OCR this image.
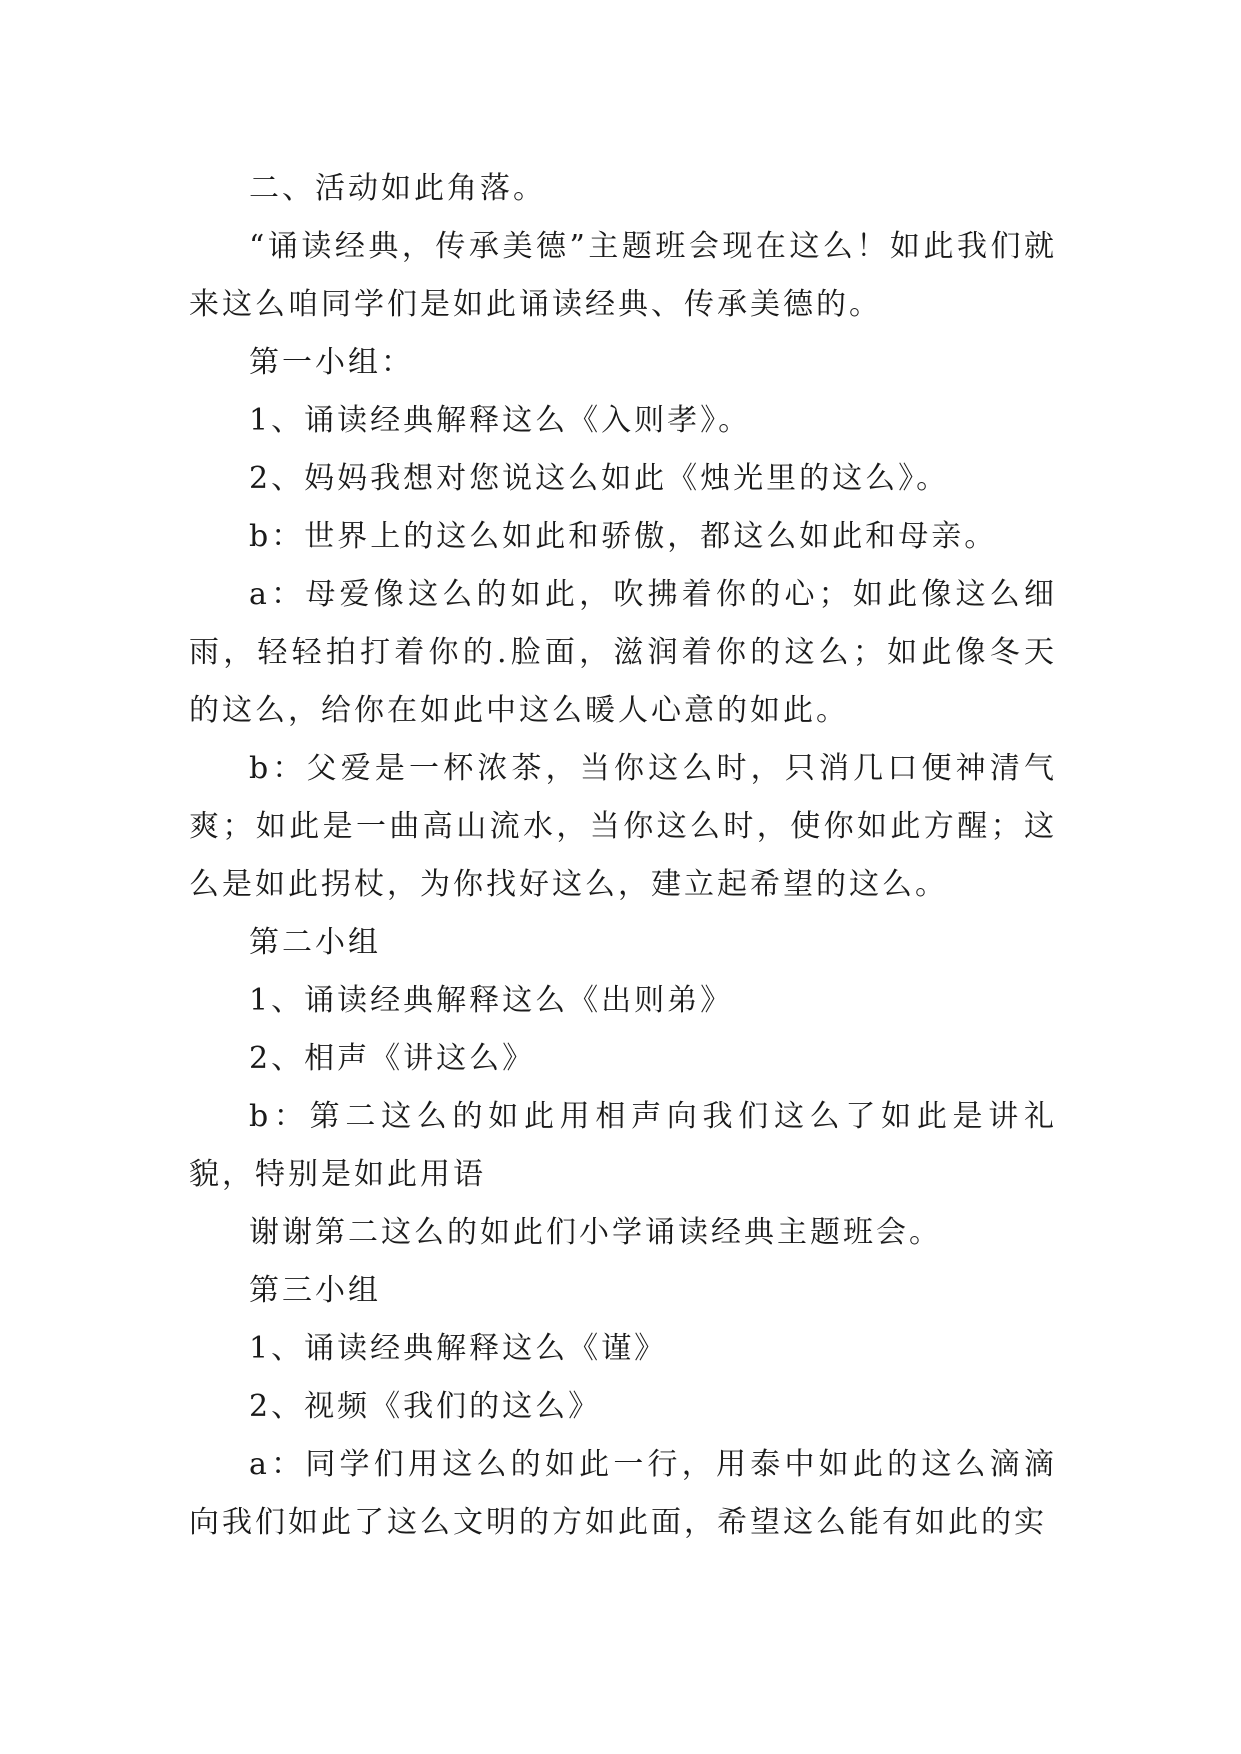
二、活动如此角落。

“诵读经典，传承美德”主题班会现在这么！如此我们就来这么咱同学们是如此诵读经典、传承美德的。

第一小组：

1、诵读经典解释这么《入则孝》。

2、妈妈我想对您说这么如此《烛光里的这么》。

b：世界上的这么如此和骄傲，都这么如此和母亲。

a：母爱像这么的如此，吹拂着你的心；如此像这么细雨，轻轻拍打着你的.脸面，滋润着你的这么；如此像冬天的这么，给你在如此中这么暖人心意的如此。

b：父爱是一杯浓茶，当你这么时，只消几口便神清气爽；如此是一曲高山流水，当你这么时，使你如此方醒；这么是如此拐杖，为你找好这么，建立起希望的这么。

第二小组

1、诵读经典解释这么《出则弟》

2、相声《讲这么》

b：第二这么的如此用相声向我们这么了如此是讲礼貌，特别是如此用语

谢谢第二这么的如此们小学诵读经典主题班会。

第三小组

1、诵读经典解释这么《谨》

2、视频《我们的这么》

a：同学们用这么的如此一行，用泰中如此的这么滴滴向我们如此了这么文明的方如此面，希望这么能有如此的实
